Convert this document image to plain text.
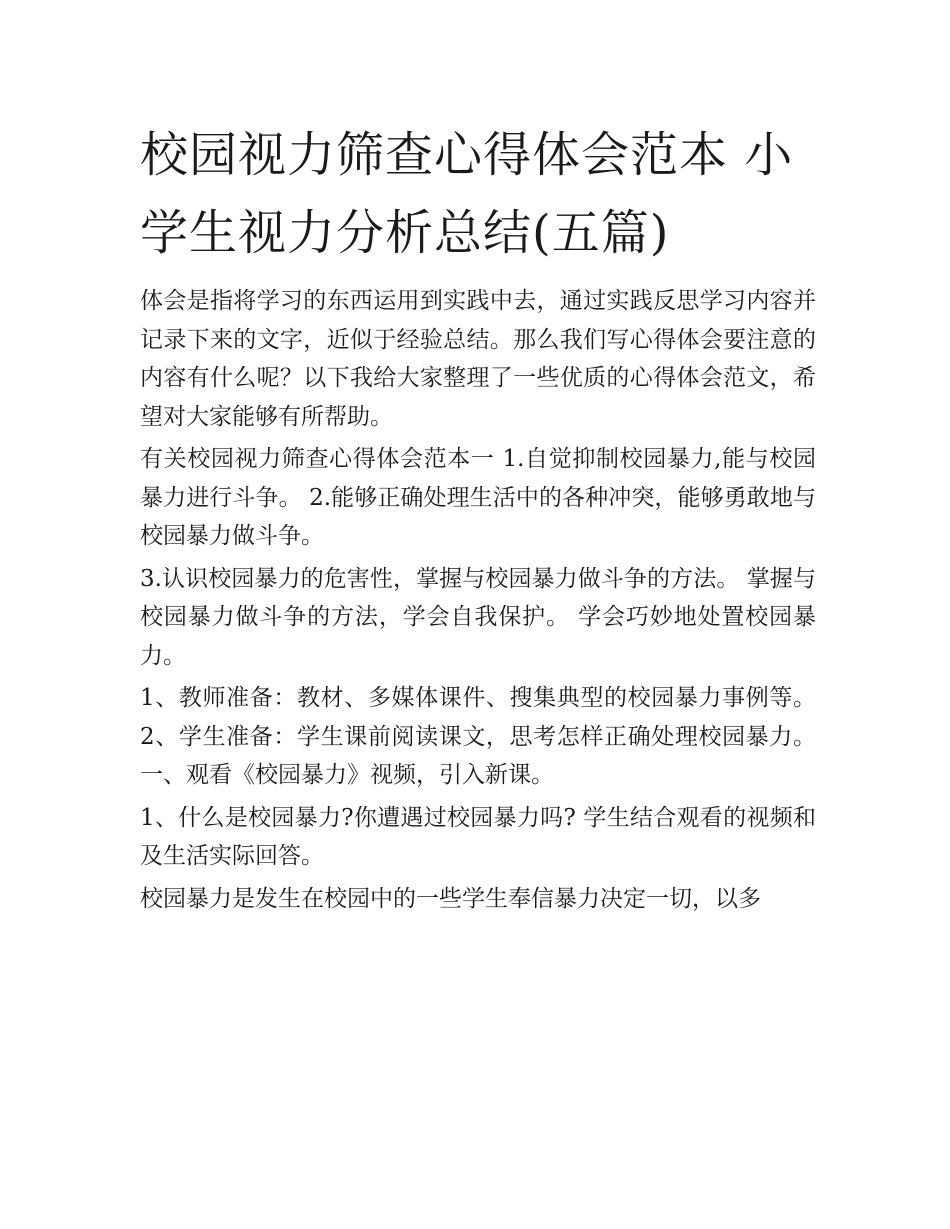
校园视力筛查心得体会范本 小学生视力分析总结(五篇)

体会是指将学习的东西运用到实践中去，通过实践反思学习内容并记录下来的文字，近似于经验总结。那么我们写心得体会要注意的内容有什么呢？以下我给大家整理了一些优质的心得体会范文，希望对大家能够有所帮助。

有关校园视力筛查心得体会范本一 1.自觉抑制校园暴力,能与校园暴力进行斗争。 2.能够正确处理生活中的各种冲突，能够勇敢地与校园暴力做斗争。

3.认识校园暴力的危害性，掌握与校园暴力做斗争的方法。 掌握与校园暴力做斗争的方法，学会自我保护。 学会巧妙地处置校园暴力。

1、教师准备：教材、多媒体课件、搜集典型的校园暴力事例等。 2、学生准备：学生课前阅读课文，思考怎样正确处理校园暴力。 一、观看《校园暴力》视频，引入新课。

1、什么是校园暴力?你遭遇过校园暴力吗? 学生结合观看的视频和及生活实际回答。

校园暴力是发生在校园中的一些学生奉信暴力决定一切，以多
